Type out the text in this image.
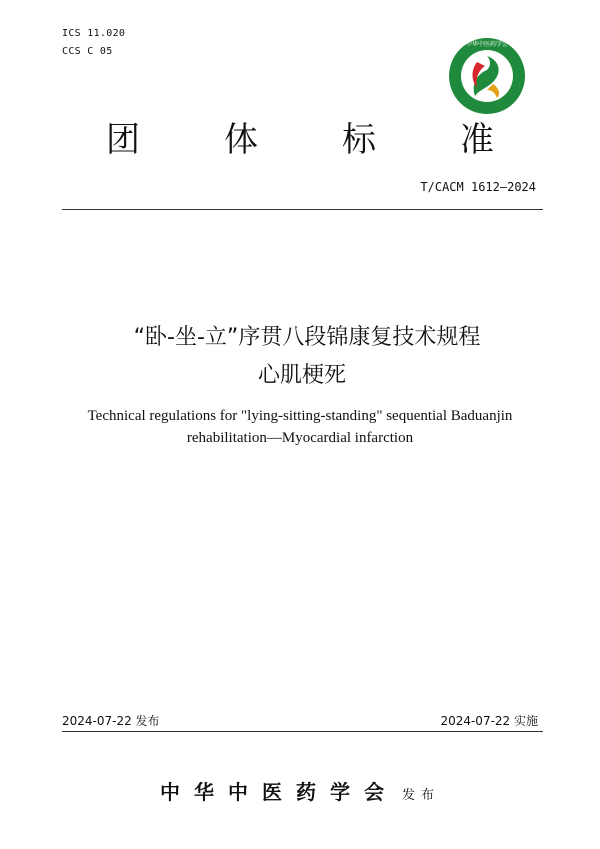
ICS 11.020
CCS C 05
中华中医药学会
团 体 标 准
T/CACM 1612—2024
“卧-坐-立”序贯八段锦康复技术规程
心肌梗死
Technical regulations for "lying-sitting-standing" sequential Baduanjin
rehabilitation—Myocardial infarction
2024-07-22 发布	2024-07-22 实施
中华中医药学会 发布
